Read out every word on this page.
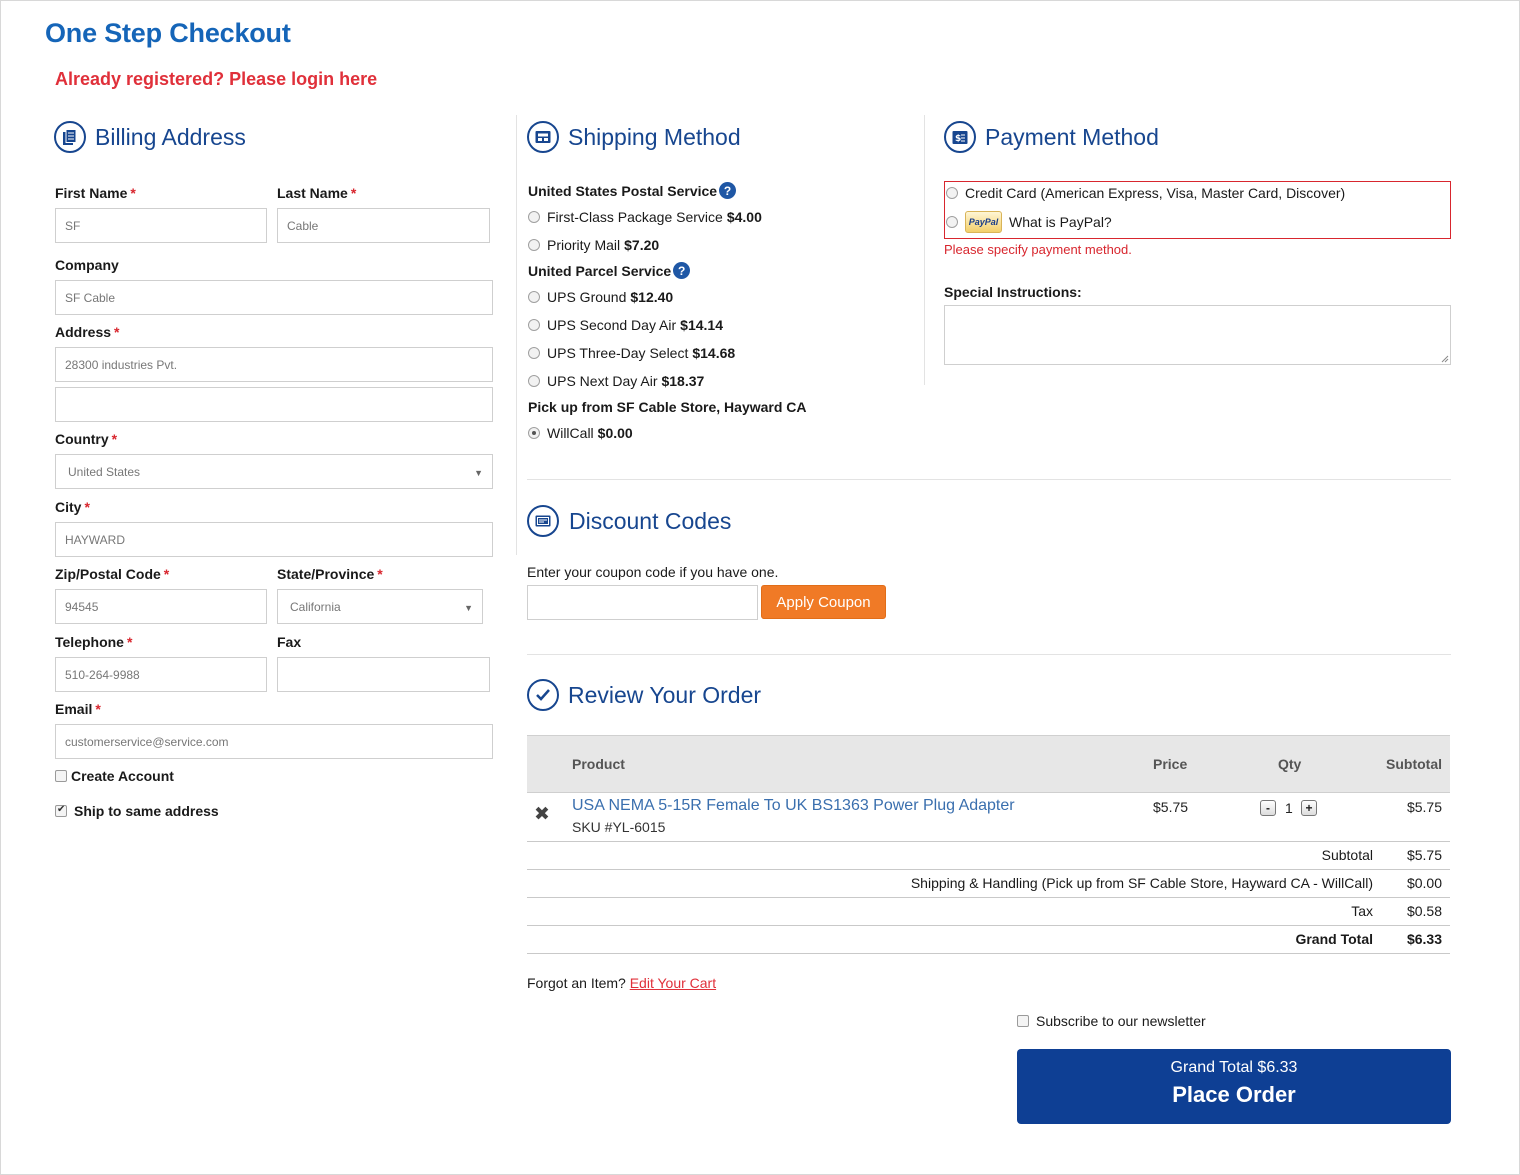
One Step Checkout
Already registered? Please login here
Billing Address
First Name *	Last Name *
SF	Cable
Company
SF Cable
Address *
28300 industries Pvt.
Country *
United States	▼
City *
HAYWARD
Zip/Postal Code *	State/Province *
94545	California	▼
Telephone *	Fax
510-264-9988
Email *
customerservice@service.com
Create Account
✔
Ship to same address
Shipping Method
United States Postal Service ?
First-Class Package Service $4.00
Priority Mail $7.20
United Parcel Service ?
UPS Ground $12.40
UPS Second Day Air $14.14
UPS Three-Day Select $14.68
UPS Next Day Air $18.37
Pick up from SF Cable Store, Hayward CA
WillCall $0.00
$ Payment Method
Credit Card (American Express, Visa, Master Card, Discover)
PayPal What is PayPal?
Please specify payment method.
Special Instructions:
Discount Codes
Enter your coupon code if you have one.
Apply Coupon
Review Your Order
Product	Price	Qty	Subtotal
✖ USA NEMA 5-15R Female To UK BS1363 Power Plug Adapter
SKU #YL-6015
$5.75	-	1	+	$5.75
Subtotal $5.75
Shipping & Handling (Pick up from SF Cable Store, Hayward CA - WillCall) $0.00
Tax $0.58
Grand Total $6.33
Forgot an Item? Edit Your Cart
Subscribe to our newsletter
Grand Total $6.33
Place Order
